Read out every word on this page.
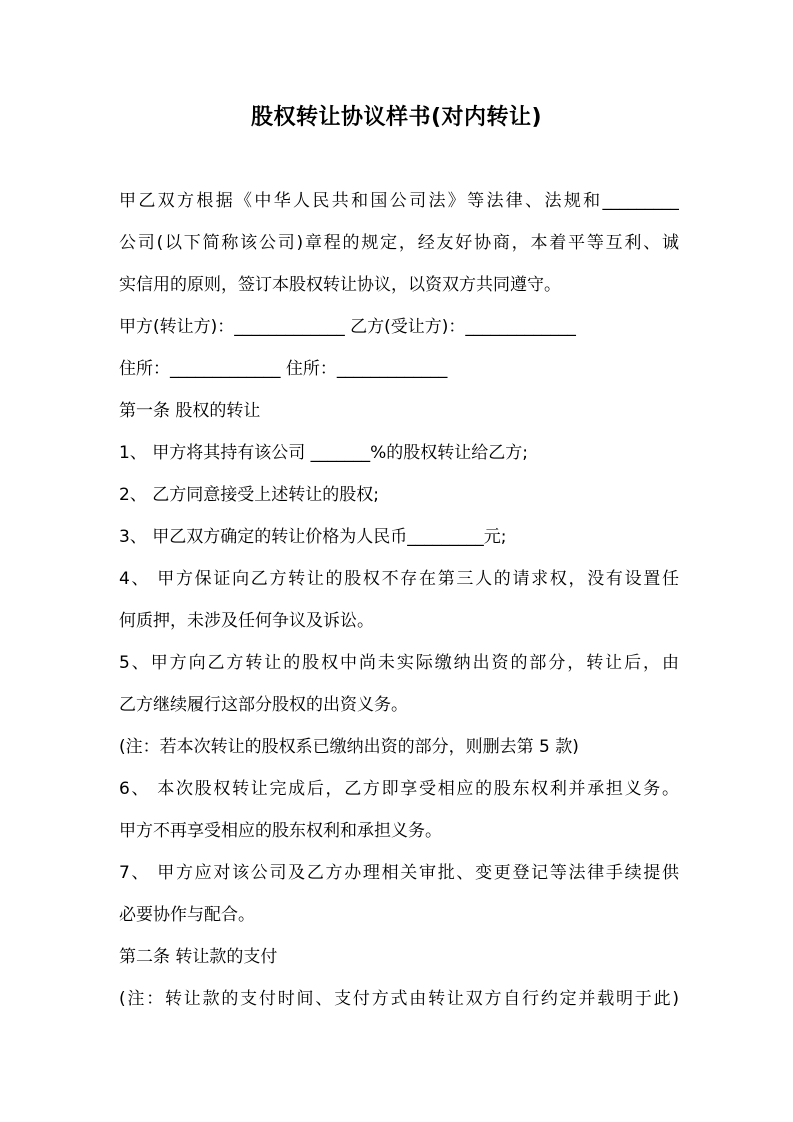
股权转让协议样书(对内转让)
甲乙双方根据《中华人民共和国公司法》等法律、法规和_________
公司(以下简称该公司)章程的规定，经友好协商，本着平等互利、诚
实信用的原则，签订本股权转让协议，以资双方共同遵守。
甲方(转让方)：_____________ 乙方(受让方)：_____________
住所：_____________ 住所：_____________
第一条 股权的转让
1、 甲方将其持有该公司 _______%的股权转让给乙方;
2、 乙方同意接受上述转让的股权;
3、 甲乙双方确定的转让价格为人民币_________元;
4、 甲方保证向乙方转让的股权不存在第三人的请求权，没有设置任
何质押，未涉及任何争议及诉讼。
5、甲方向乙方转让的股权中尚未实际缴纳出资的部分，转让后，由
乙方继续履行这部分股权的出资义务。
(注：若本次转让的股权系已缴纳出资的部分，则删去第 5 款)
6、 本次股权转让完成后，乙方即享受相应的股东权利并承担义务。
甲方不再享受相应的股东权利和承担义务。
7、 甲方应对该公司及乙方办理相关审批、变更登记等法律手续提供
必要协作与配合。
第二条 转让款的支付
(注：转让款的支付时间、支付方式由转让双方自行约定并载明于此)
